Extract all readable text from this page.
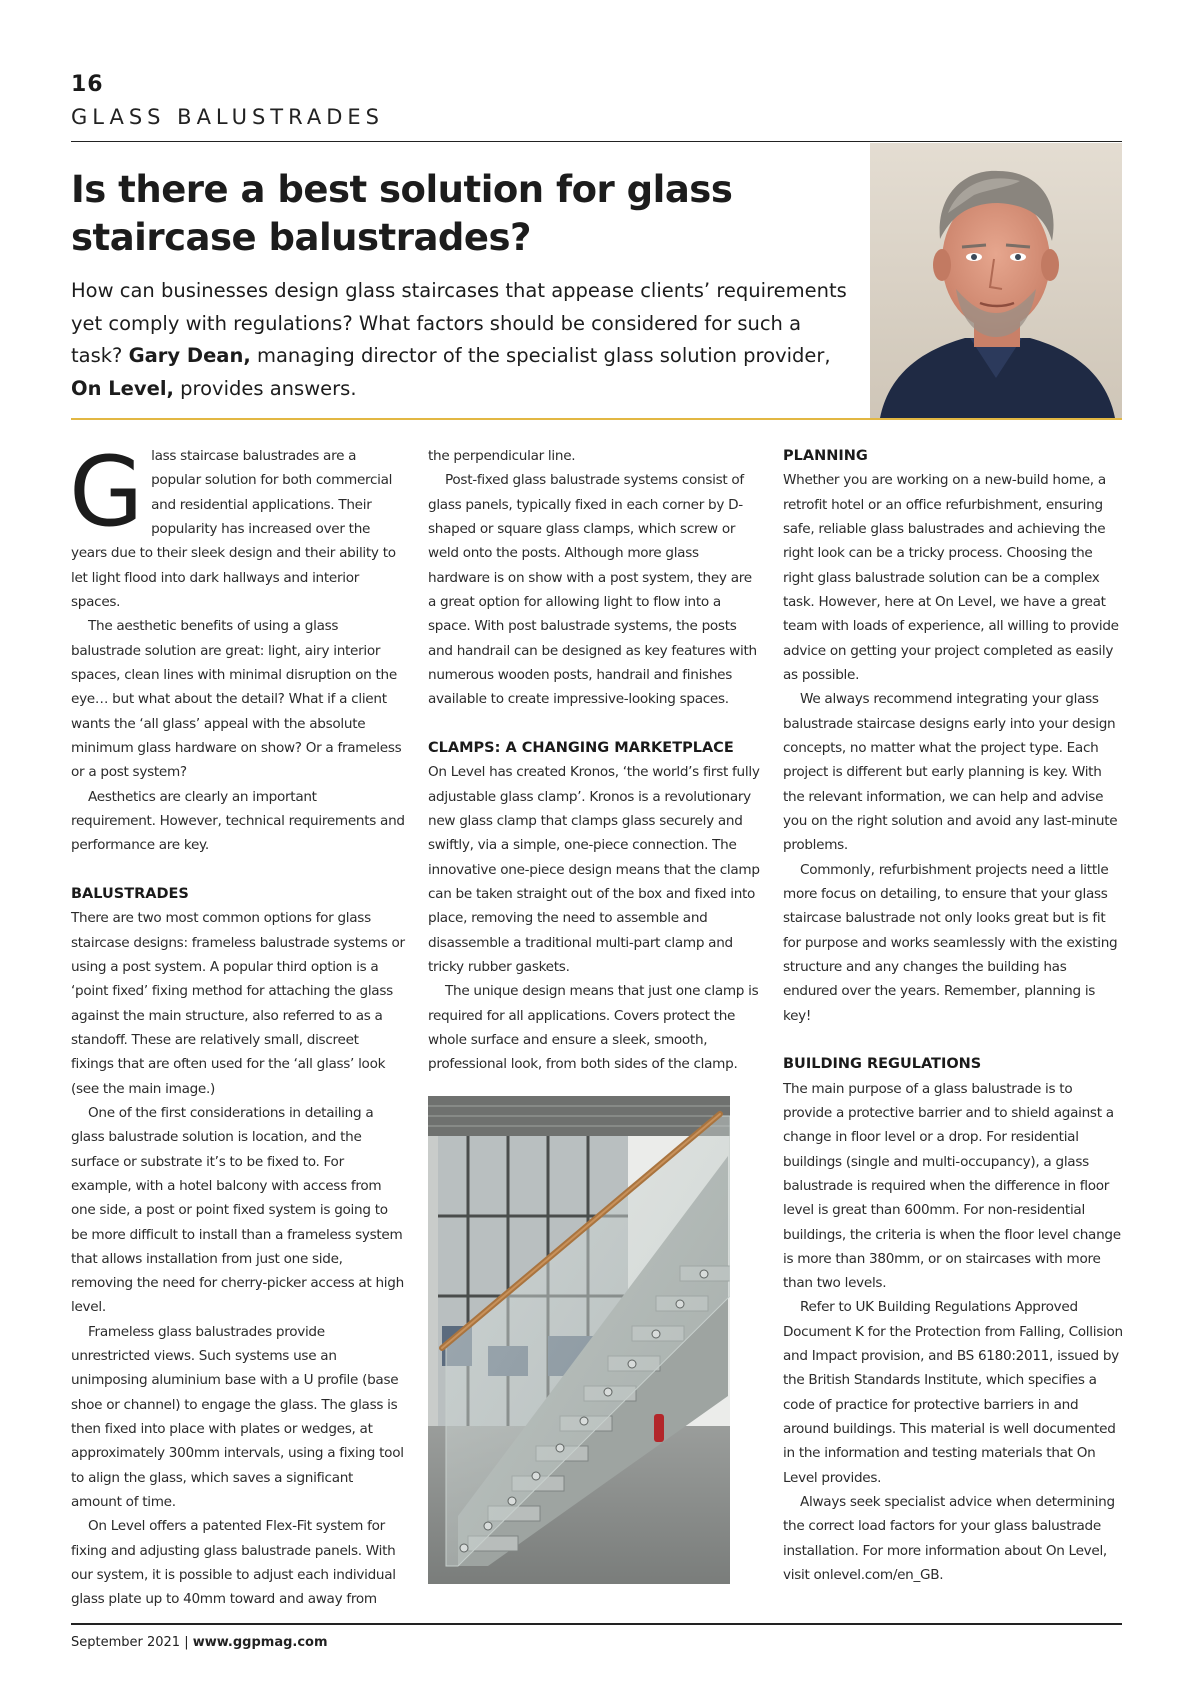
16
GLASS BALUSTRADES
Is there a best solution for glass staircase balustrades?

How can businesses design glass staircases that appease clients’ requirements yet comply with regulations? What factors should be considered for such a task? Gary Dean, managing director of the specialist glass solution provider, On Level, provides answers.

Glass staircase balustrades are a popular solution for both commercial and residential applications. Their popularity has increased over the years due to their sleek design and their ability to let light flood into dark hallways and interior spaces.

The aesthetic benefits of using a glass balustrade solution are great: light, airy interior spaces, clean lines with minimal disruption on the eye… but what about the detail? What if a client wants the ‘all glass’ appeal with the absolute minimum glass hardware on show? Or a frameless or a post system?

Aesthetics are clearly an important requirement. However, technical requirements and performance are key.

BALUSTRADES

There are two most common options for glass staircase designs: frameless balustrade systems or using a post system. A popular third option is a ‘point fixed’ fixing method for attaching the glass against the main structure, also referred to as a standoff. These are relatively small, discreet fixings that are often used for the ‘all glass’ look (see the main image.)

One of the first considerations in detailing a glass balustrade solution is location, and the surface or substrate it’s to be fixed to. For example, with a hotel balcony with access from one side, a post or point fixed system is going to be more difficult to install than a frameless system that allows installation from just one side, removing the need for cherry-picker access at high level.

Frameless glass balustrades provide unrestricted views. Such systems use an unimposing aluminium base with a U profile (base shoe or channel) to engage the glass. The glass is then fixed into place with plates or wedges, at approximately 300mm intervals, using a fixing tool to align the glass, which saves a significant amount of time.

On Level offers a patented Flex-Fit system for fixing and adjusting glass balustrade panels. With our system, it is possible to adjust each individual glass plate up to 40mm toward and away from

the perpendicular line.

Post-fixed glass balustrade systems consist of glass panels, typically fixed in each corner by D-shaped or square glass clamps, which screw or weld onto the posts. Although more glass hardware is on show with a post system, they are a great option for allowing light to flow into a space. With post balustrade systems, the posts and handrail can be designed as key features with numerous wooden posts, handrail and finishes available to create impressive-looking spaces.

CLAMPS: A CHANGING MARKETPLACE

On Level has created Kronos, ‘the world’s first fully adjustable glass clamp’. Kronos is a revolutionary new glass clamp that clamps glass securely and swiftly, via a simple, one-piece connection. The innovative one-piece design means that the clamp can be taken straight out of the box and fixed into place, removing the need to assemble and disassemble a traditional multi-part clamp and tricky rubber gaskets.

The unique design means that just one clamp is required for all applications. Covers protect the whole surface and ensure a sleek, smooth, professional look, from both sides of the clamp.

PLANNING

Whether you are working on a new-build home, a retrofit hotel or an office refurbishment, ensuring safe, reliable glass balustrades and achieving the right look can be a tricky process. Choosing the right glass balustrade solution can be a complex task. However, here at On Level, we have a great team with loads of experience, all willing to provide advice on getting your project completed as easily as possible.

We always recommend integrating your glass balustrade staircase designs early into your design concepts, no matter what the project type. Each project is different but early planning is key. With the relevant information, we can help and advise you on the right solution and avoid any last-minute problems.

Commonly, refurbishment projects need a little more focus on detailing, to ensure that your glass staircase balustrade not only looks great but is fit for purpose and works seamlessly with the existing structure and any changes the building has endured over the years. Remember, planning is key!

BUILDING REGULATIONS

The main purpose of a glass balustrade is to provide a protective barrier and to shield against a change in floor level or a drop. For residential buildings (single and multi-occupancy), a glass balustrade is required when the difference in floor level is great than 600mm. For non-residential buildings, the criteria is when the floor level change is more than 380mm, or on staircases with more than two levels.

Refer to UK Building Regulations Approved Document K for the Protection from Falling, Collision and Impact provision, and BS 6180:2011, issued by the British Standards Institute, which specifies a code of practice for protective barriers in and around buildings. This material is well documented in the information and testing materials that On Level provides.

Always seek specialist advice when determining the correct load factors for your glass balustrade installation. For more information about On Level, visit onlevel.com/en_GB.

September 2021 | www.ggpmag.com
